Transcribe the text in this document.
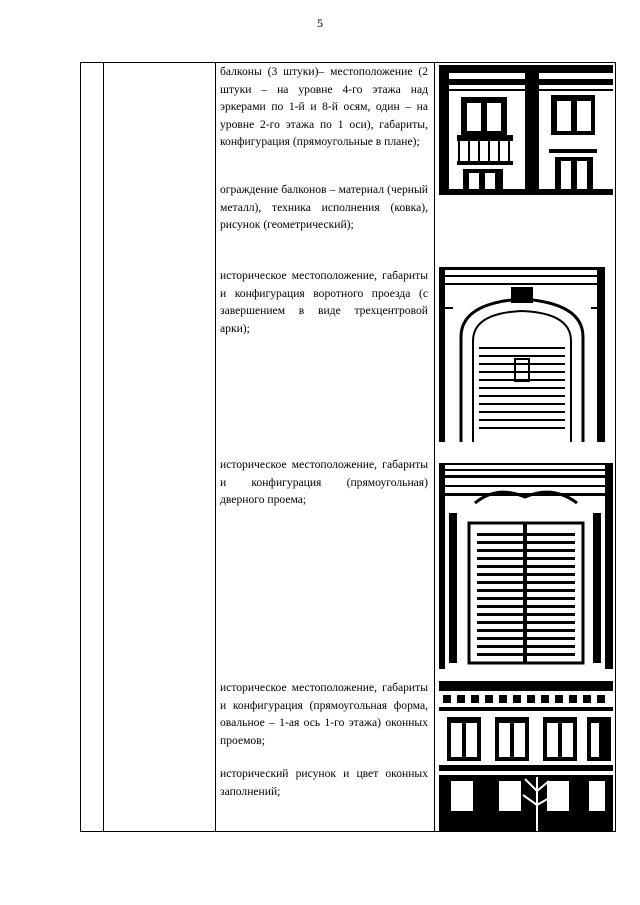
5

балконы (3 штуки)– местоположение (2 штуки – на уровне 4-го этажа над эркерами по 1-й и 8-й осям, один – на уровне 2-го этажа по 1 оси), габариты, конфигурация (прямоугольные в плане);

ограждение балконов – материал (черный металл), техника исполнения (ковка), рисунок (геометрический);

историческое местоположение, габариты и конфигурация воротного проезда (с завершением в виде трехцентровой арки);

историческое местоположение, габариты и конфигурация (прямоугольная) дверного проема;

историческое местоположение, габариты и конфигурация (прямоугольная форма, овальное – 1-ая ось 1-го этажа) оконных проемов;

исторический рисунок и цвет оконных заполнений;
